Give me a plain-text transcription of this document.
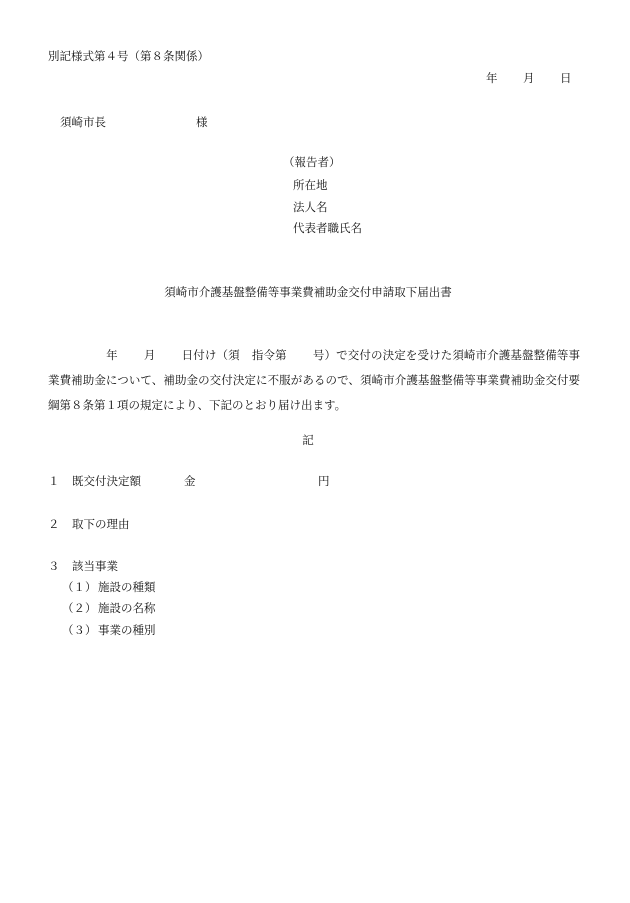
別記様式第４号（第８条関係）
年 月 日
須崎市長	様
（報告者）
所在地
法人名
代表者職氏名
須崎市介護基盤整備等事業費補助金交付申請取下届出書
年 月 日付け（須 指令第 号）で交付の決定を受けた須崎市介護基盤整備等事業費補助金について、補助金の交付決定に不服があるので、須崎市介護基盤整備等事業費補助金交付要綱第８条第１項の規定により、下記のとおり届け出ます。
記
１ 既交付決定額	金	円
２ 取下の理由
３ 該当事業
（１） 施設の種類
（２） 施設の名称
（３） 事業の種別
